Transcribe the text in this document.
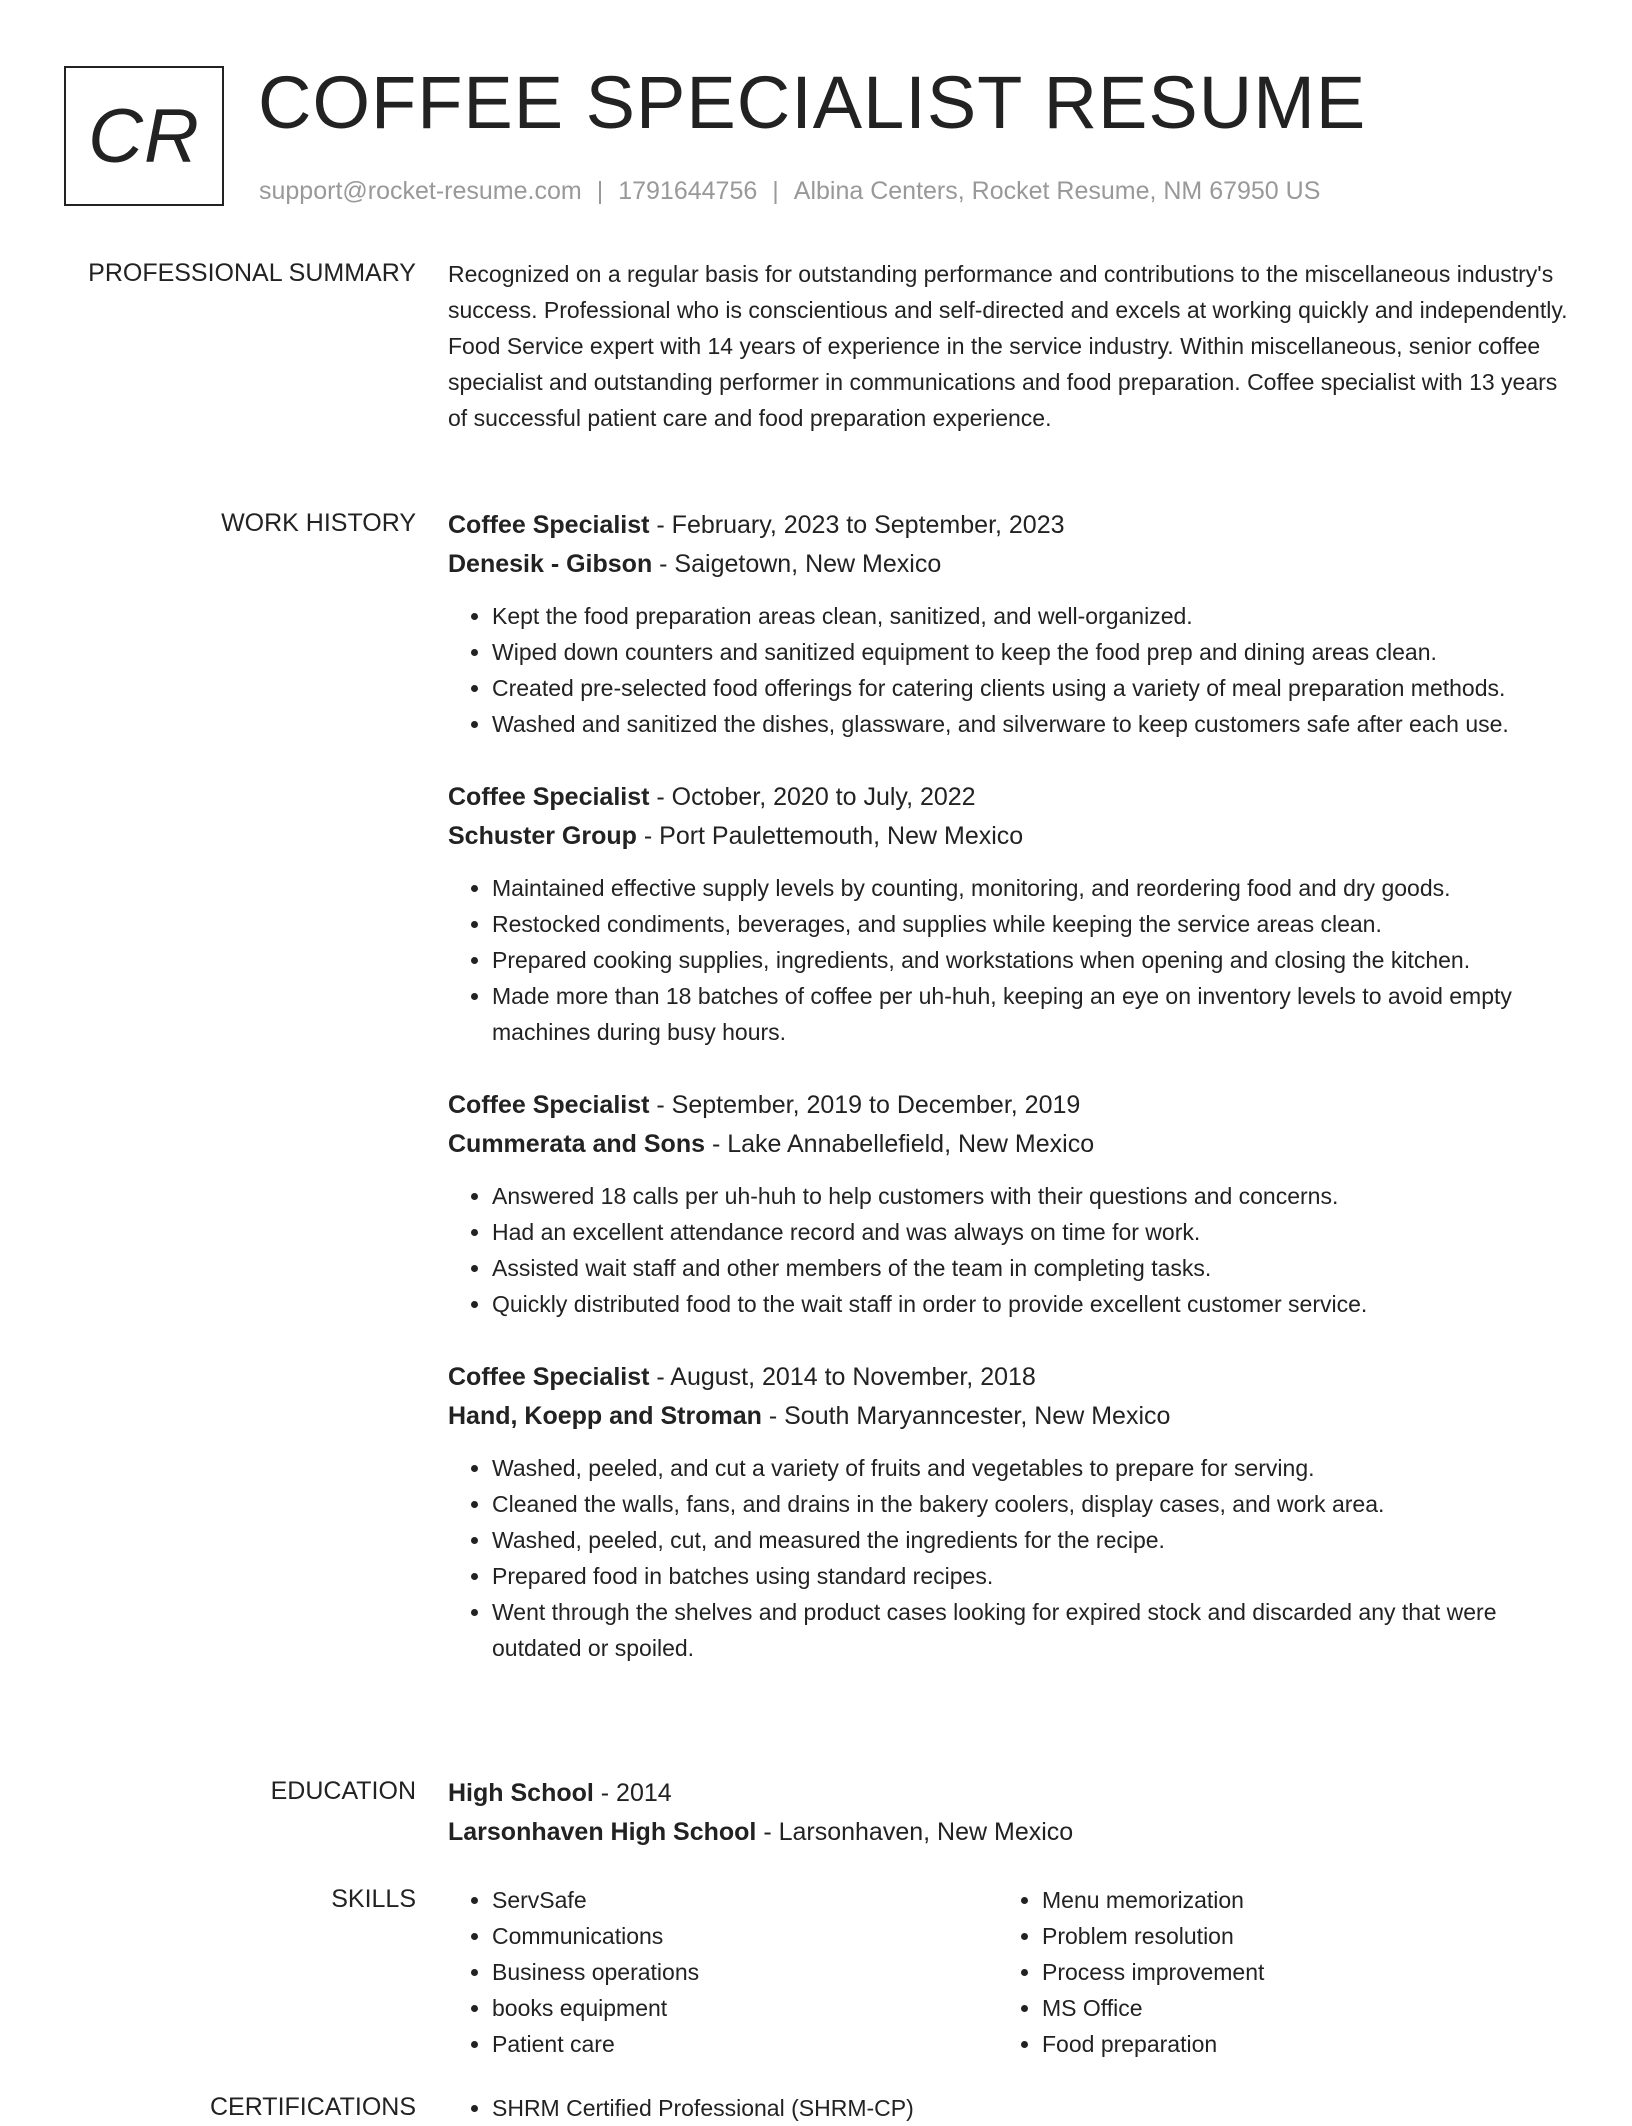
CR COFFEE SPECIALIST RESUME
support@rocket-resume.com | 1791644756 | Albina Centers, Rocket Resume, NM 67950 US
PROFESSIONAL SUMMARY Recognized on a regular basis for outstanding performance and contributions to the miscellaneous industry's success. Professional who is conscientious and self-directed and excels at working quickly and independently. Food Service expert with 14 years of experience in the service industry. Within miscellaneous, senior coffee specialist and outstanding performer in communications and food preparation. Coffee specialist with 13 years of successful patient care and food preparation experience.
WORK HISTORY Coffee Specialist - February, 2023 to September, 2023
Denesik - Gibson - Saigetown, New Mexico
• Kept the food preparation areas clean, sanitized, and well-organized.
• Wiped down counters and sanitized equipment to keep the food prep and dining areas clean.
• Created pre-selected food offerings for catering clients using a variety of meal preparation methods.
• Washed and sanitized the dishes, glassware, and silverware to keep customers safe after each use.
Coffee Specialist - October, 2020 to July, 2022
Schuster Group - Port Paulettemouth, New Mexico
• Maintained effective supply levels by counting, monitoring, and reordering food and dry goods.
• Restocked condiments, beverages, and supplies while keeping the service areas clean.
• Prepared cooking supplies, ingredients, and workstations when opening and closing the kitchen.
• Made more than 18 batches of coffee per uh-huh, keeping an eye on inventory levels to avoid empty machines during busy hours.
Coffee Specialist - September, 2019 to December, 2019
Cummerata and Sons - Lake Annabellefield, New Mexico
• Answered 18 calls per uh-huh to help customers with their questions and concerns.
• Had an excellent attendance record and was always on time for work.
• Assisted wait staff and other members of the team in completing tasks.
• Quickly distributed food to the wait staff in order to provide excellent customer service.
Coffee Specialist - August, 2014 to November, 2018
Hand, Koepp and Stroman - South Maryanncester, New Mexico
• Washed, peeled, and cut a variety of fruits and vegetables to prepare for serving.
• Cleaned the walls, fans, and drains in the bakery coolers, display cases, and work area.
• Washed, peeled, cut, and measured the ingredients for the recipe.
• Prepared food in batches using standard recipes.
• Went through the shelves and product cases looking for expired stock and discarded any that were outdated or spoiled.
EDUCATION High School - 2014
Larsonhaven High School - Larsonhaven, New Mexico
SKILLS	• ServSafe
• Communications
• Business operations
• books equipment
• Patient care
• Menu memorization
• Problem resolution
• Process improvement
• MS Office
• Food preparation
CERTIFICATIONS	• SHRM Certified Professional (SHRM-CP)
